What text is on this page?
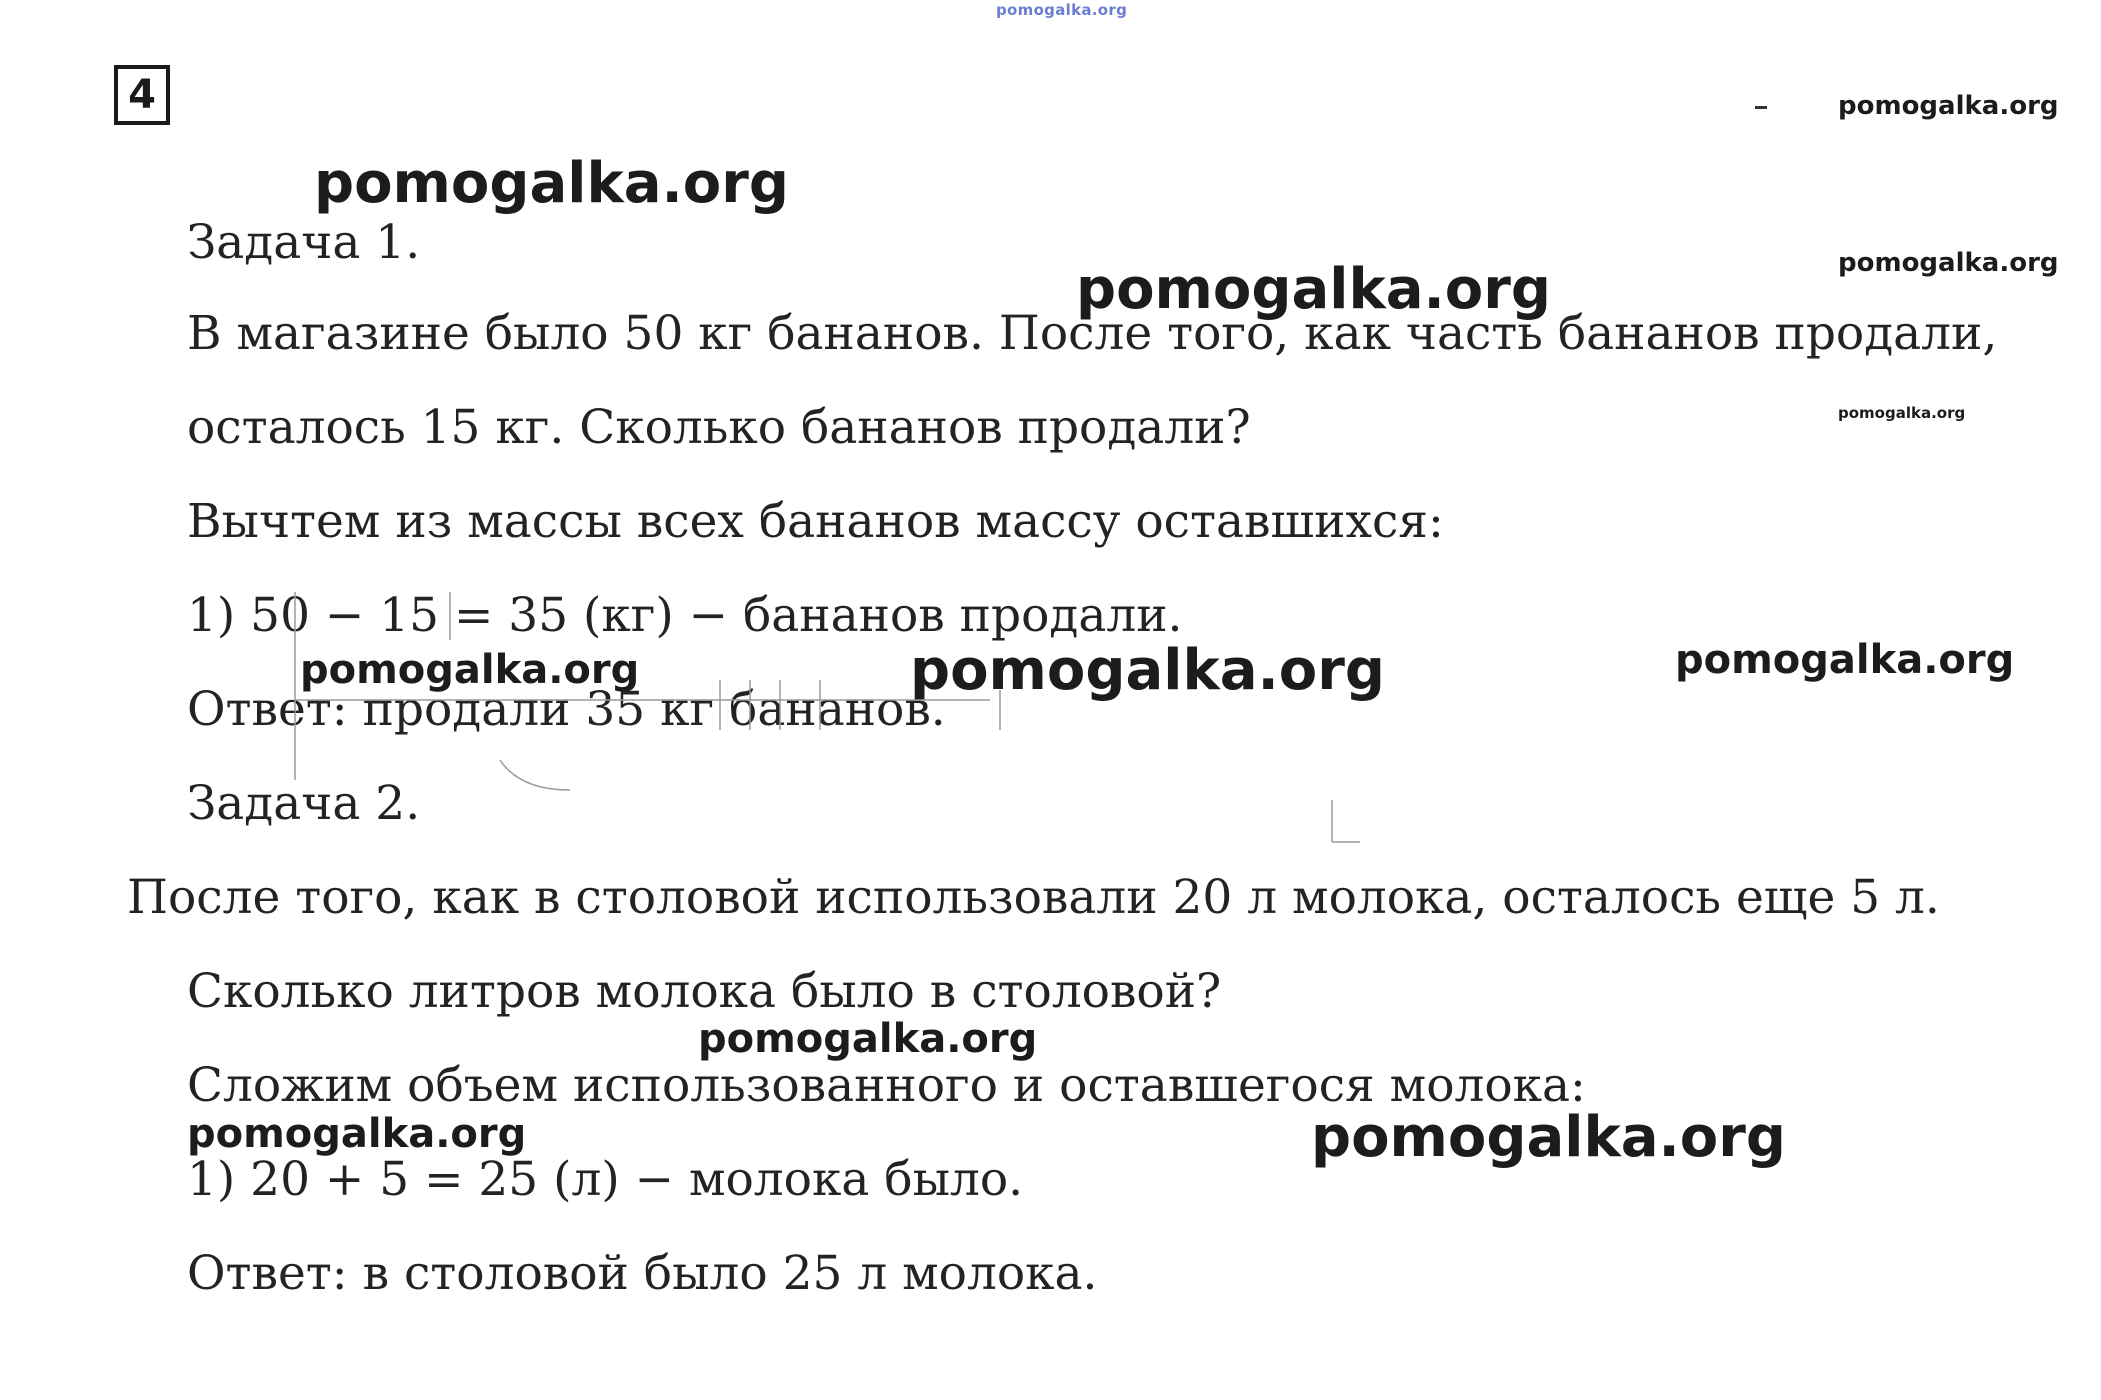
pomogalka.org
4	pomogalka.org
pomogalka.org
pomogalka.org
pomogalka.org
pomogalka.org
pomogalka.org
pomogalka.org	pomogalka.org
pomogalka.org
pomogalka.org	pomogalka.org
Задача 1.
В магазине было 50 кг бананов. После того, как часть бананов продали,
осталось 15 кг. Сколько бананов продали?
Вычтем из массы всех бананов массу оставшихся:
1) 50 − 15 = 35 (кг) − бананов продали.
Ответ: продали 35 кг бананов.
Задача 2.
После того, как в столовой использовали 20 л молока, осталось еще 5 л.
Сколько литров молока было в столовой?
Сложим объем использованного и оставшегося молока:
1) 20 + 5 = 25 (л) − молока было.
Ответ: в столовой было 25 л молока.
